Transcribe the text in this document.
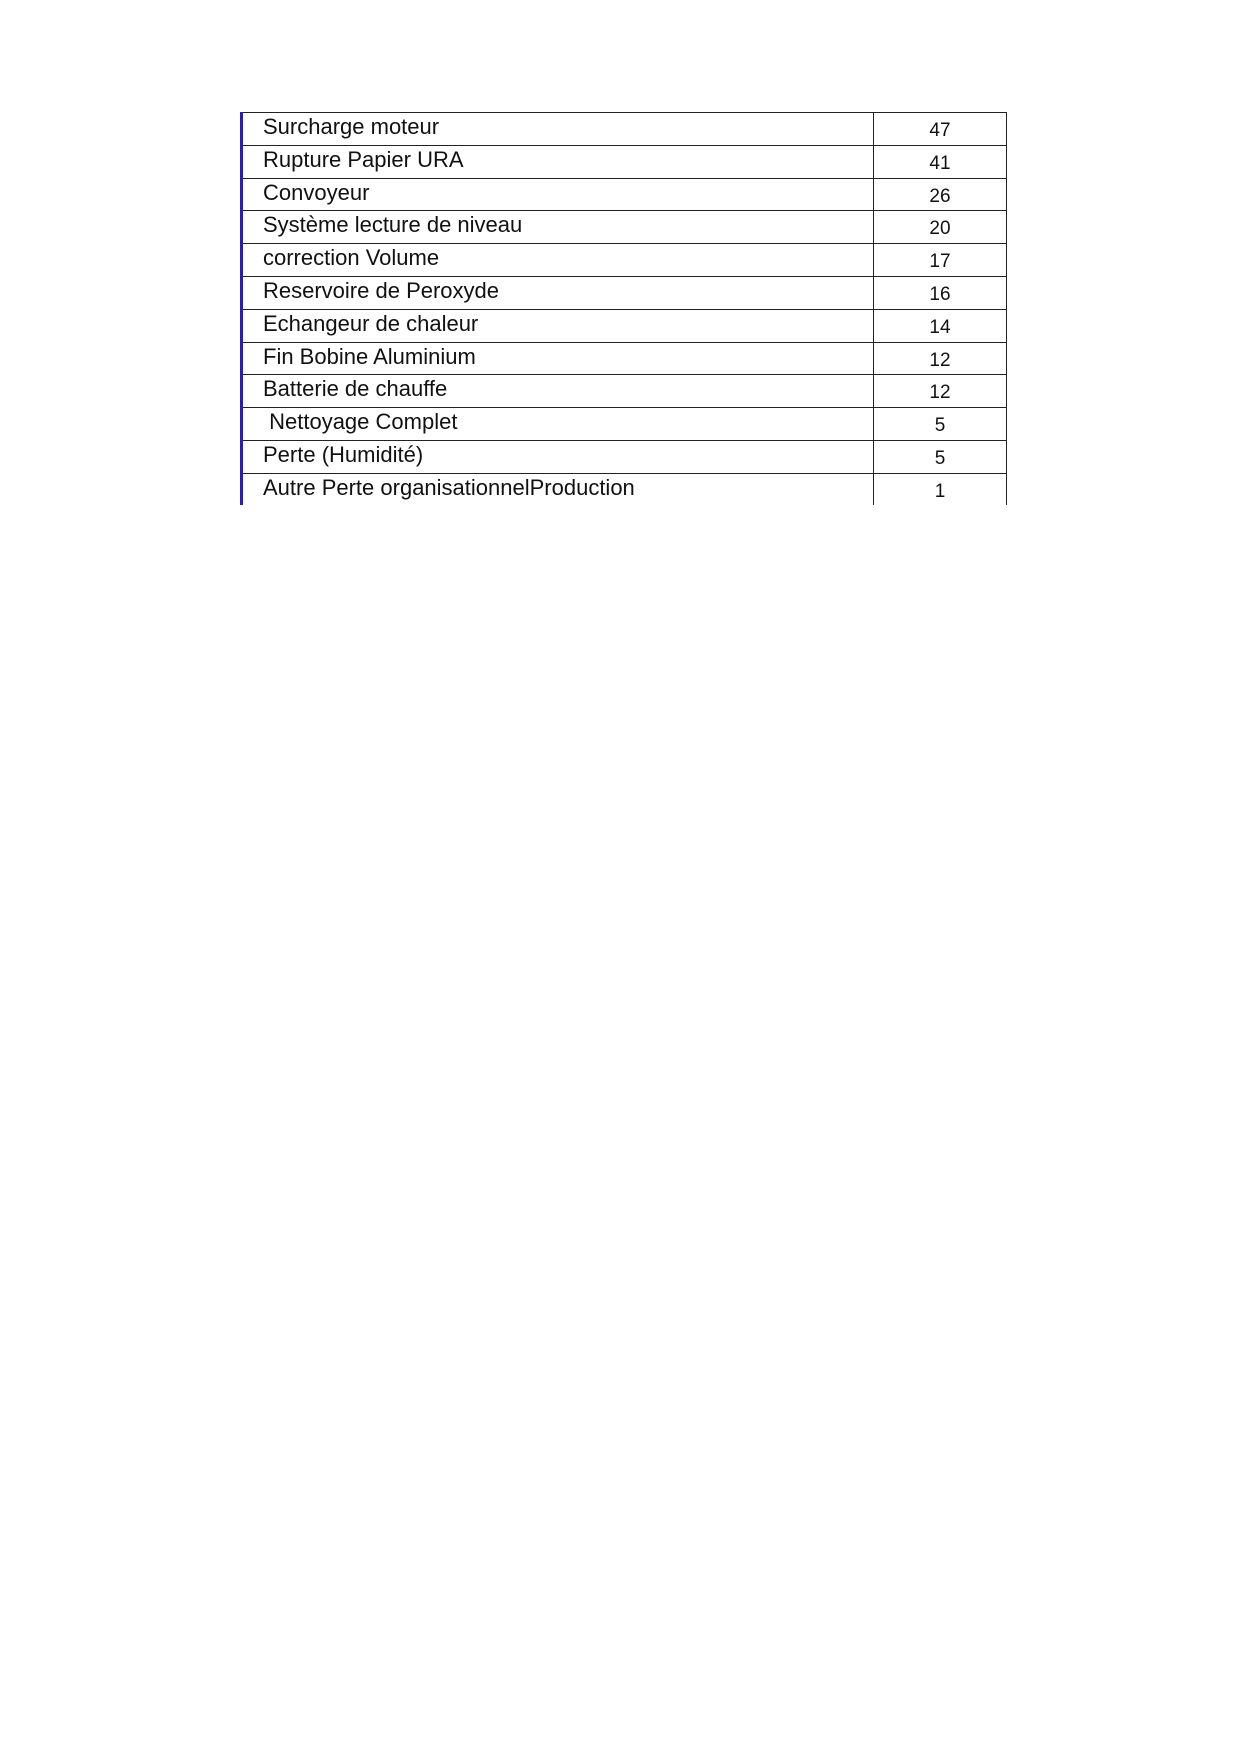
Surcharge moteur	47
Rupture Papier URA	41
Convoyeur	26
Système lecture de niveau	20
correction Volume	17
Reservoire de Peroxyde	16
Echangeur de chaleur	14
Fin Bobine Aluminium	12
Batterie de chauffe	12
Nettoyage Complet	5
Perte (Humidité)	5
Autre Perte organisationnelProduction	1
